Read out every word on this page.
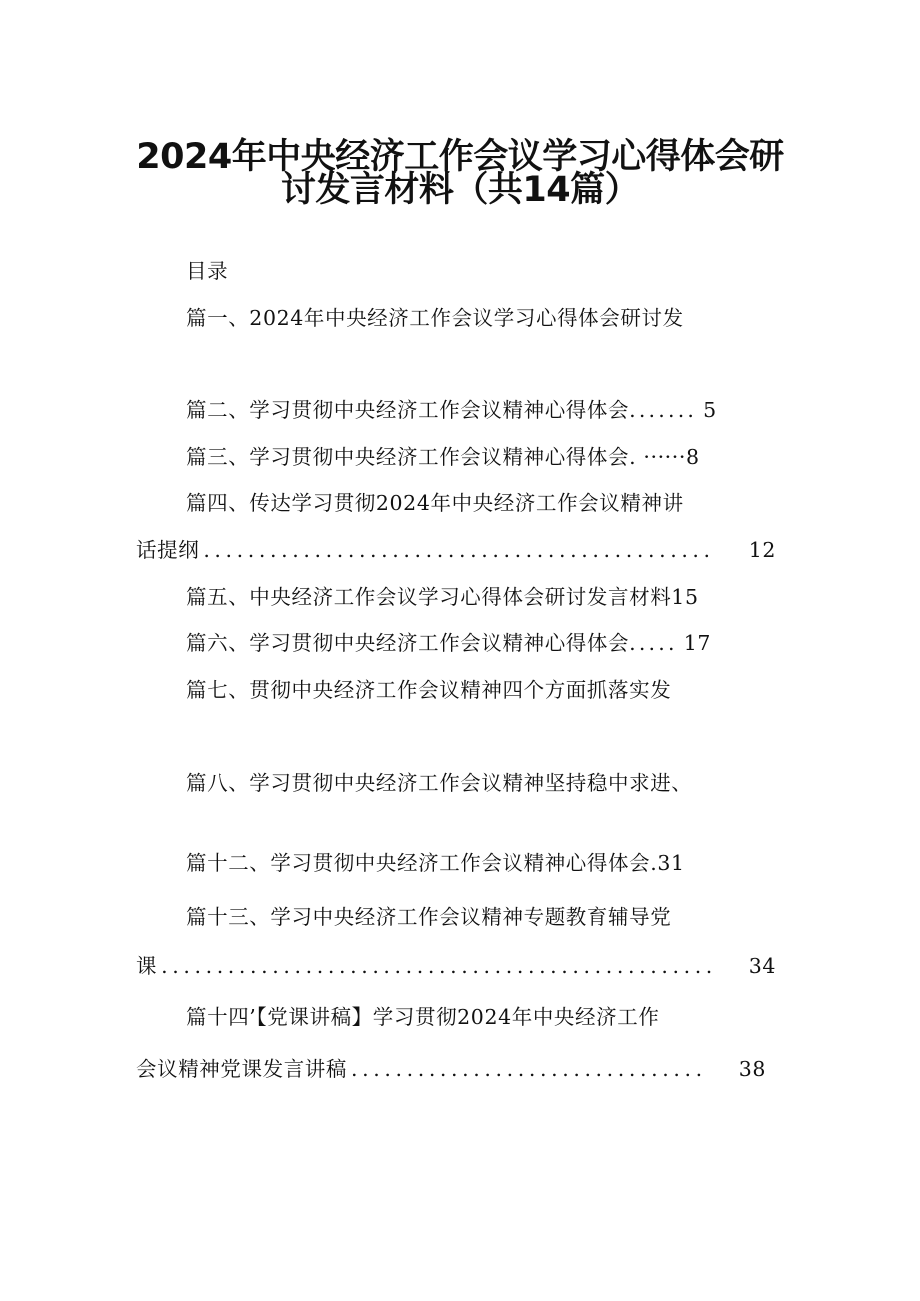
2024年中央经济工作会议学习心得体会研
讨发言材料（共14篇）
目录
篇一、2024年中央经济工作会议学习心得体会研讨发
篇二、学习贯彻中央经济工作会议精神心得体会 ....... 5
篇三、学习贯彻中央经济工作会议精神心得体会. ······8
篇四、传达学习贯彻2024年中央经济工作会议精神讲
话提纲 ..............................................	12
篇五、中央经济工作会议学习心得体会研讨发言材料15
篇六、学习贯彻中央经济工作会议精神心得体会 ..... 17
篇七、贯彻中央经济工作会议精神四个方面抓落实发
篇八、学习贯彻中央经济工作会议精神坚持稳中求进、
篇十二、学习贯彻中央经济工作会议精神心得体会.31
篇十三、学习中央经济工作会议精神专题教育辅导党
课 ..................................................	34
篇十四’【党课讲稿】学习贯彻2024年中央经济工作
会议精神党课发言讲稿 ................................	38
